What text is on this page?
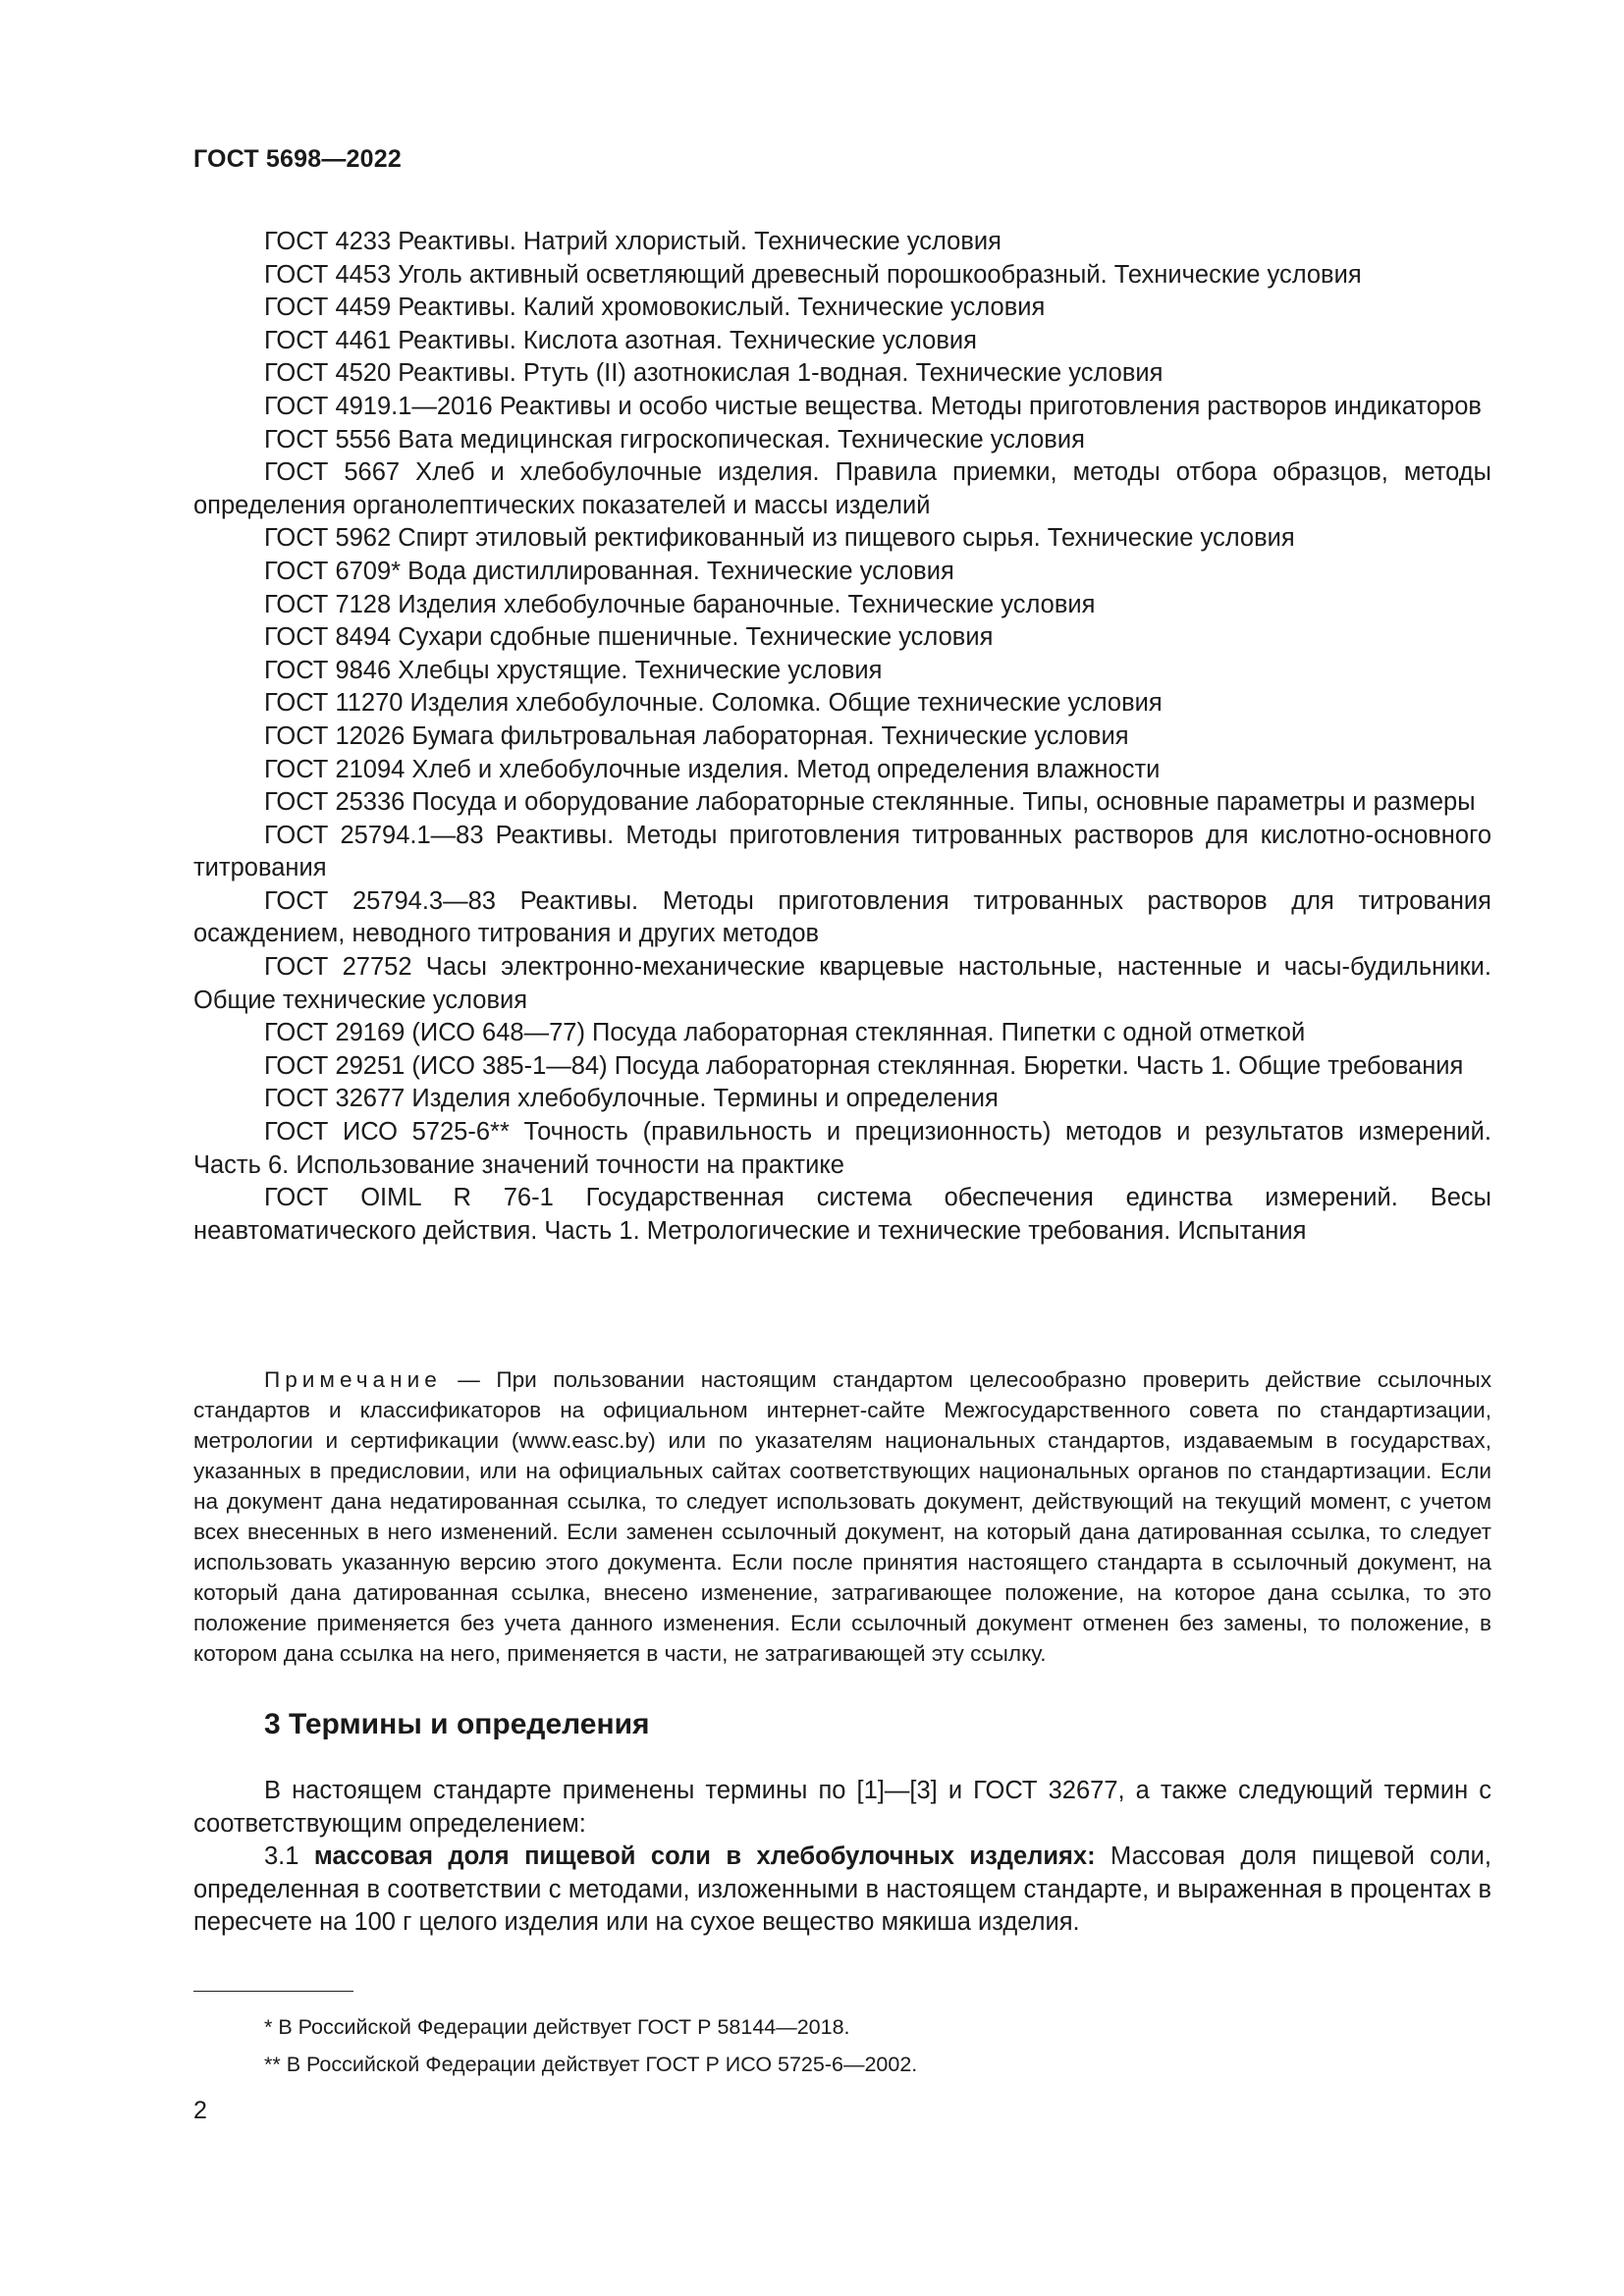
ГОСТ 5698—2022

ГОСТ 4233 Реактивы. Натрий хлористый. Технические условия

ГОСТ 4453 Уголь активный осветляющий древесный порошкообразный. Технические условия

ГОСТ 4459 Реактивы. Калий хромовокислый. Технические условия

ГОСТ 4461 Реактивы. Кислота азотная. Технические условия

ГОСТ 4520 Реактивы. Ртуть (II) азотнокислая 1-водная. Технические условия

ГОСТ 4919.1—2016 Реактивы и особо чистые вещества. Методы приготовления растворов индикаторов

ГОСТ 5556 Вата медицинская гигроскопическая. Технические условия

ГОСТ 5667 Хлеб и хлебобулочные изделия. Правила приемки, методы отбора образцов, методы определения органолептических показателей и массы изделий

ГОСТ 5962 Спирт этиловый ректификованный из пищевого сырья. Технические условия

ГОСТ 6709* Вода дистиллированная. Технические условия

ГОСТ 7128 Изделия хлебобулочные бараночные. Технические условия

ГОСТ 8494 Сухари сдобные пшеничные. Технические условия

ГОСТ 9846 Хлебцы хрустящие. Технические условия

ГОСТ 11270 Изделия хлебобулочные. Соломка. Общие технические условия

ГОСТ 12026 Бумага фильтровальная лабораторная. Технические условия

ГОСТ 21094 Хлеб и хлебобулочные изделия. Метод определения влажности

ГОСТ 25336 Посуда и оборудование лабораторные стеклянные. Типы, основные параметры и размеры

ГОСТ 25794.1—83 Реактивы. Методы приготовления титрованных растворов для кислотно-основного титрования

ГОСТ 25794.3—83 Реактивы. Методы приготовления титрованных растворов для титрования осаждением, неводного титрования и других методов

ГОСТ 27752 Часы электронно-механические кварцевые настольные, настенные и часы-будильники. Общие технические условия

ГОСТ 29169 (ИСО 648—77) Посуда лабораторная стеклянная. Пипетки с одной отметкой

ГОСТ 29251 (ИСО 385-1—84) Посуда лабораторная стеклянная. Бюретки. Часть 1. Общие требования

ГОСТ 32677 Изделия хлебобулочные. Термины и определения

ГОСТ ИСО 5725-6** Точность (правильность и прецизионность) методов и результатов измерений. Часть 6. Использование значений точности на практике

ГОСТ OIML R 76-1 Государственная система обеспечения единства измерений. Весы неавтоматического действия. Часть 1. Метрологические и технические требования. Испытания

Примечание — При пользовании настоящим стандартом целесообразно проверить действие ссылочных стандартов и классификаторов на официальном интернет-сайте Межгосударственного совета по стандартизации, метрологии и сертификации (www.easc.by) или по указателям национальных стандартов, издаваемым в государствах, указанных в предисловии, или на официальных сайтах соответствующих национальных органов по стандартизации. Если на документ дана недатированная ссылка, то следует использовать документ, действующий на текущий момент, с учетом всех внесенных в него изменений. Если заменен ссылочный документ, на который дана датированная ссылка, то следует использовать указанную версию этого документа. Если после принятия настоящего стандарта в ссылочный документ, на который дана датированная ссылка, внесено изменение, затрагивающее положение, на которое дана ссылка, то это положение применяется без учета данного изменения. Если ссылочный документ отменен без замены, то положение, в котором дана ссылка на него, применяется в части, не затрагивающей эту ссылку.

3 Термины и определения

В настоящем стандарте применены термины по [1]—[3] и ГОСТ 32677, а также следующий термин с соответствующим определением:

3.1 массовая доля пищевой соли в хлебобулочных изделиях: Массовая доля пищевой соли, определенная в соответствии с методами, изложенными в настоящем стандарте, и выраженная в процентах в пересчете на 100 г целого изделия или на сухое вещество мякиша изделия.

* В Российской Федерации действует ГОСТ Р 58144—2018.

** В Российской Федерации действует ГОСТ Р ИСО 5725-6—2002.

2
